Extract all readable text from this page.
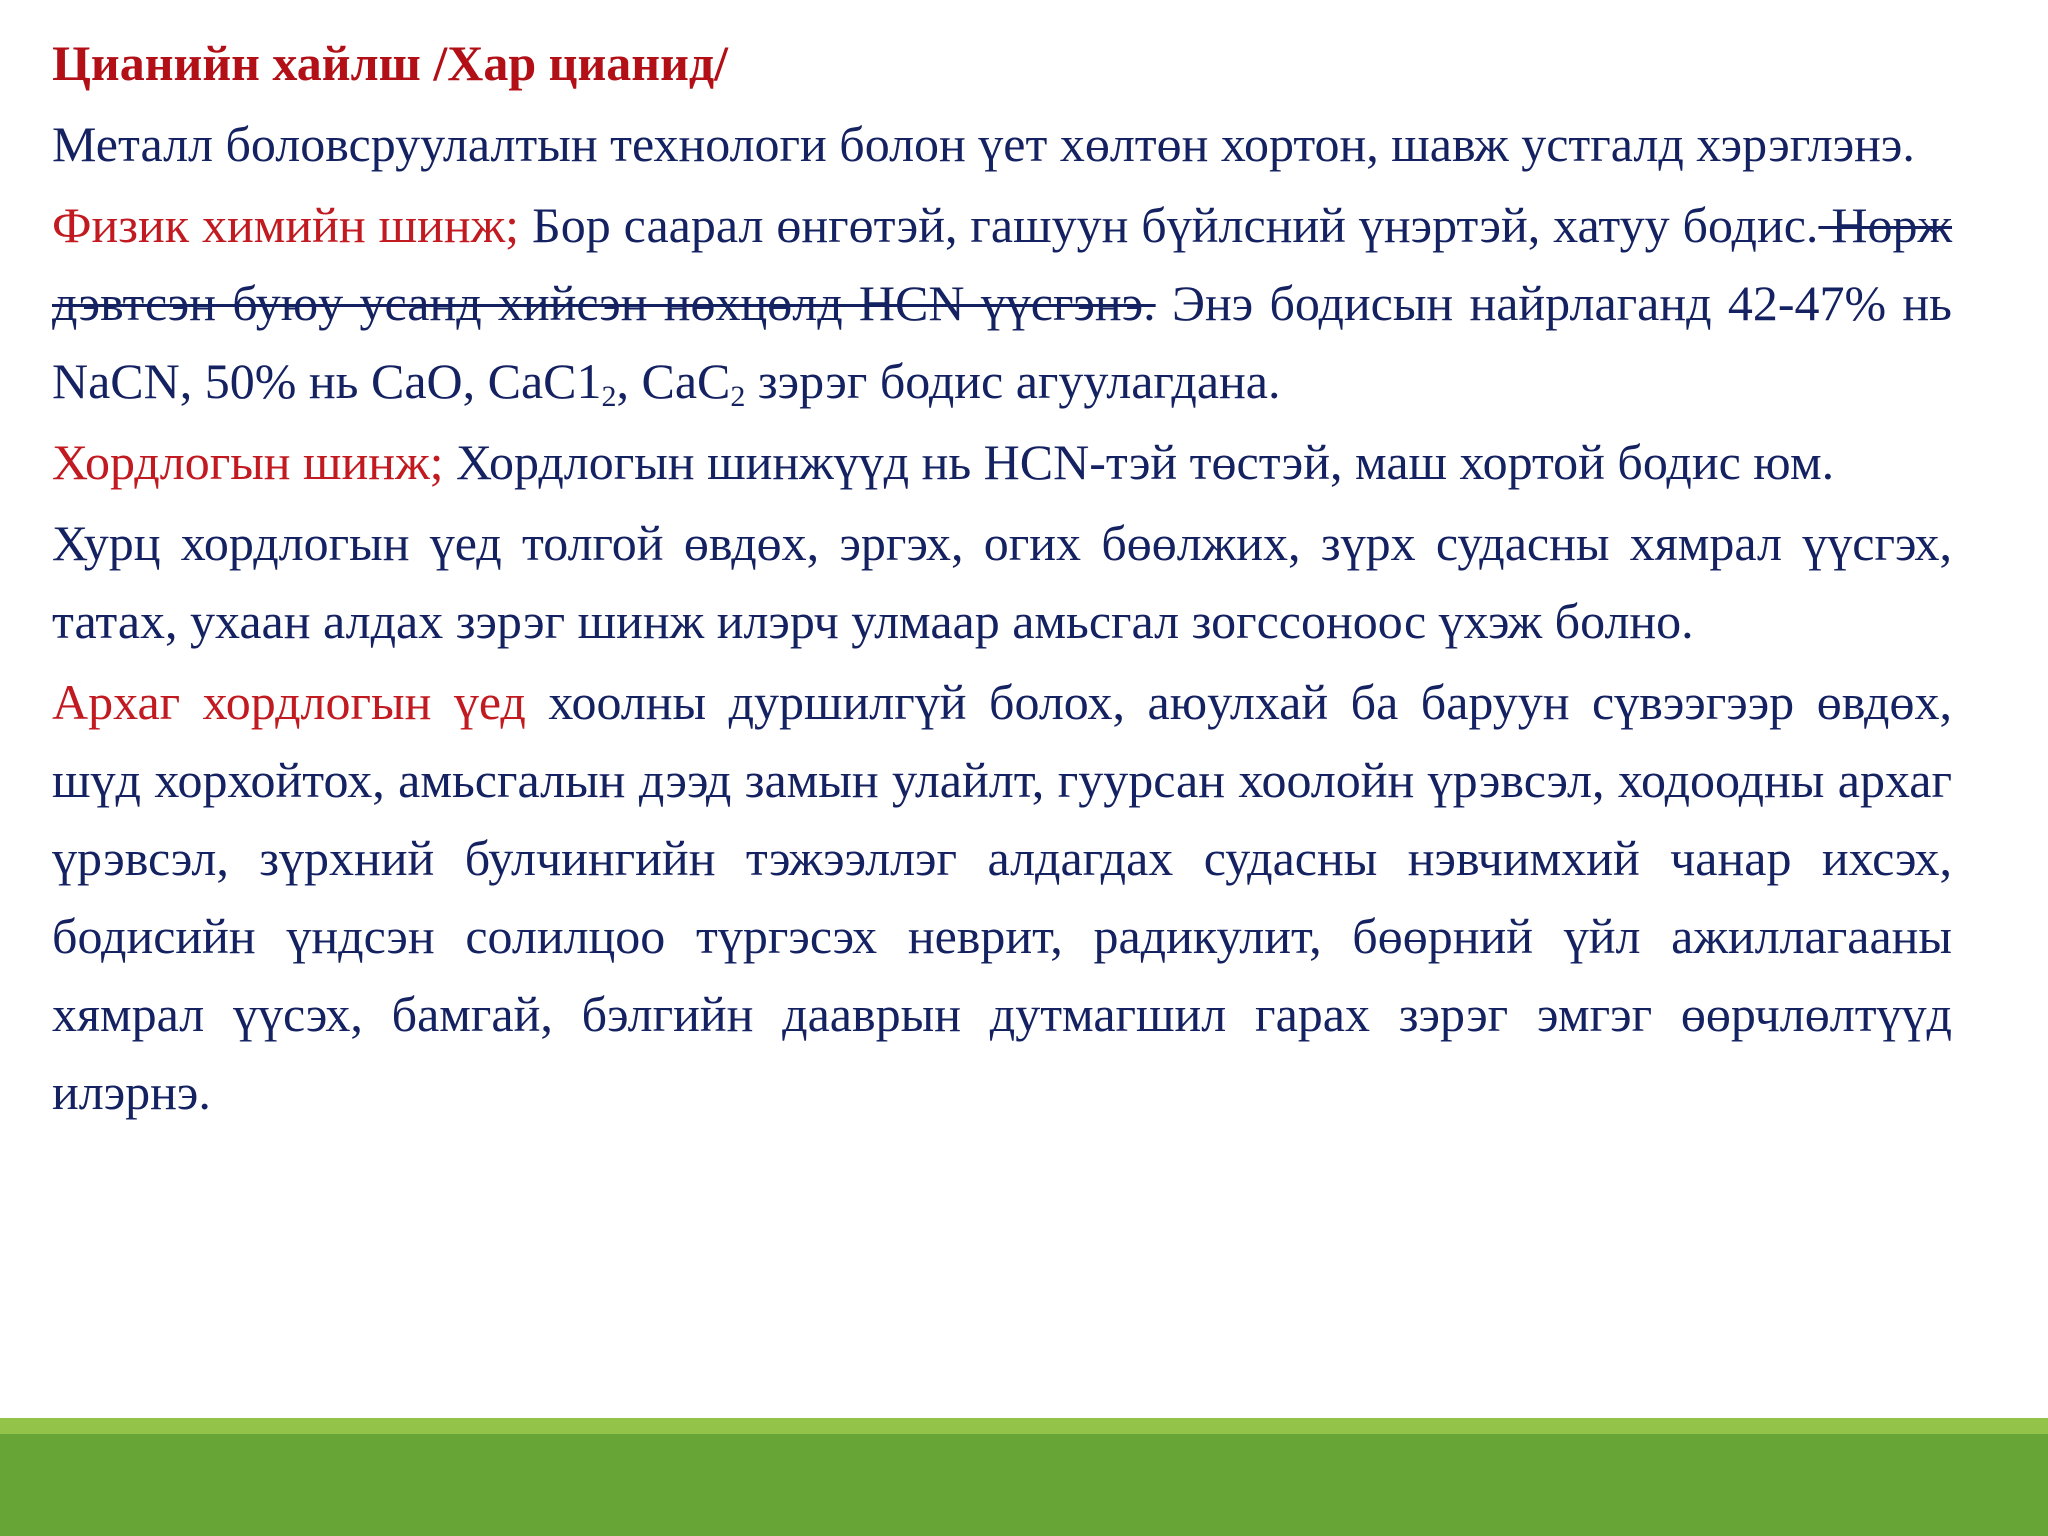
Цианийн хайлш /Хар цианид/

Металл боловсруулалтын технологи болон үет хөлтөн хортон, шавж устгалд хэрэглэнэ.

Физик химийн шинж; Бор саарал өнгөтэй, гашуун бүйлсний үнэртэй, хатуу бодис. Норж дэвтсэн буюу усанд хийсэн нөхцөлд HCN үүсгэнэ. Энэ бодисын найрлаганд 42-47% нь NaCN, 50% нь CaO, $CaC1_2$, CaC$_2$ зэрэг бодис агуулагдана.

Хордлогын шинж; Хордлогын шинжүүд нь HCN-тэй төстэй, маш хортой бодис юм.

Хурц хордлогын үед толгой өвдөх, эргэх, огих бөөлжих, зүрх судасны хямрал үүсгэх, татах, ухаан алдах зэрэг шинж илэрч улмаар амьсгал зогссоноос үхэж болно.

Архаг хордлогын үед хоолны дуршилгүй болох, аюулхай ба баруун сүвээгээр өвдөх, шүд хорхойтох, амьсгалын дээд замын улайлт, гуурсан хоолойн үрэвсэл, ходоодны архаг үрэвсэл, зүрхний булчингийн тэжээллэг алдагдах судасны нэвчимхий чанар ихсэх, бодисийн үндсэн солилцоо түргэсэх неврит, радикулит, бөөрний үйл ажиллагааны хямрал үүсэх, бамгай, бэлгийн даавpын дутмагшил гарах зэрэг эмгэг өөрчлөлтүүд илэрнэ.
